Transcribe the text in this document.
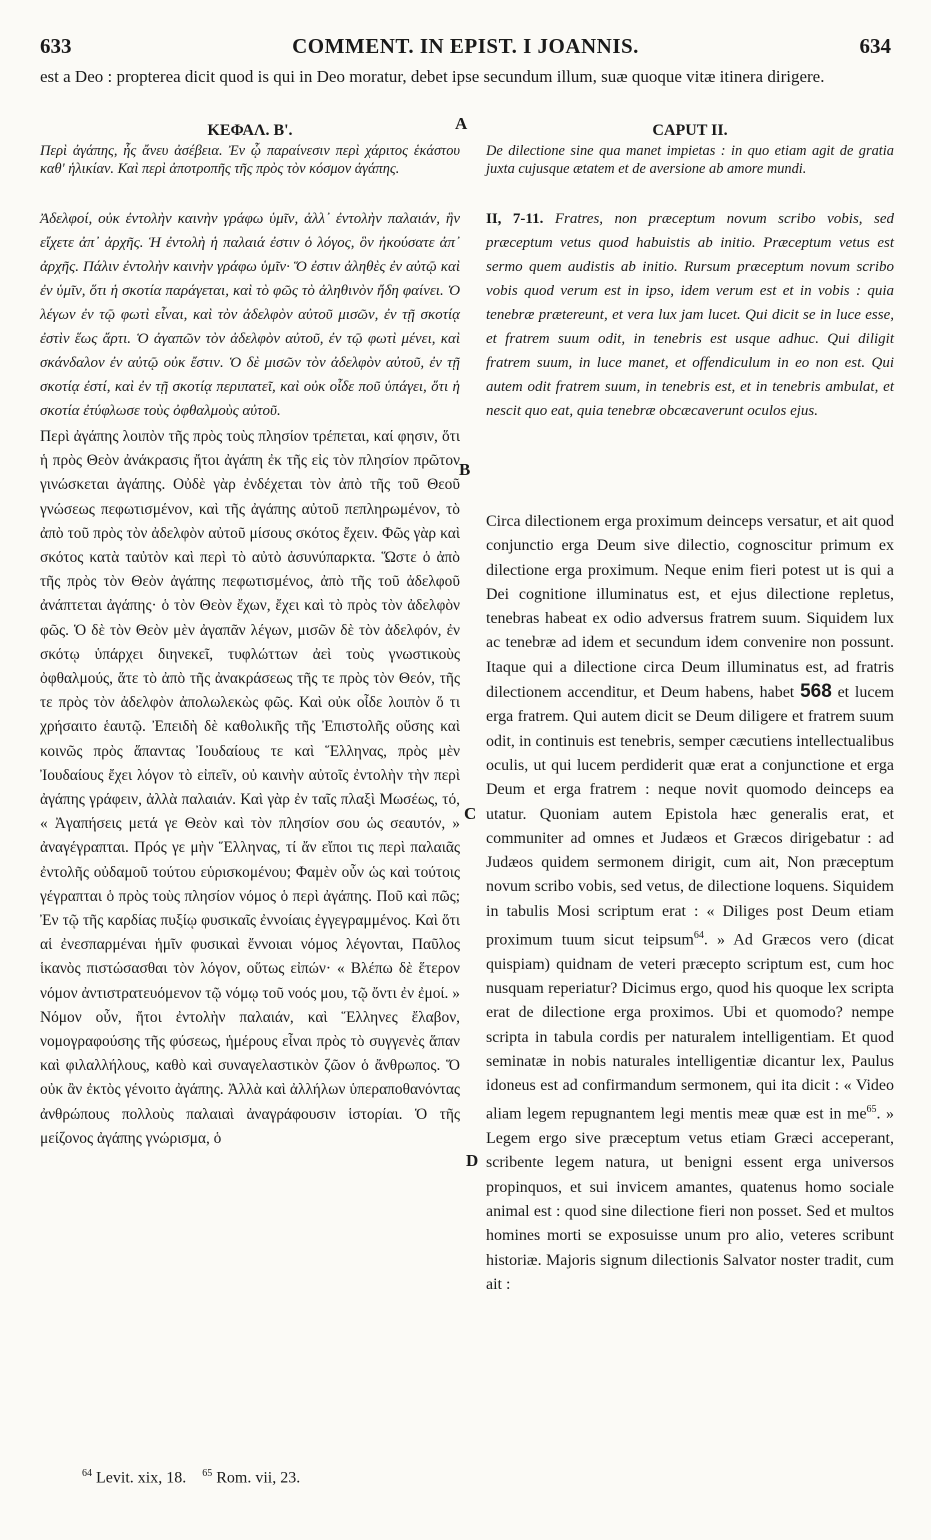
633	COMMENT. IN EPIST. I JOANNIS.	634
est a Deo : propterea dicit quod is qui in Deo moratur, debet ipse secundum illum, suæ quoque vitæ itinera dirigere.
ΚΕΦΑΛ. Β'.
Περὶ ἀγάπης, ἧς ἄνευ ἀσέβεια. Ἐν ᾧ παραίνεσιν περὶ χάριτος ἑκάστου καθ' ἡλικίαν. Καὶ περὶ ἀποτροπῆς τῆς πρὸς τὸν κόσμον ἀγάπης.
Ἀδελφοί, οὐκ ἐντολὴν καινὴν γράφω ὑμῖν, ἀλλ᾽ ἐντολὴν παλαιάν, ἣν εἴχετε ἀπ᾽ ἀρχῆς. Ἡ ἐντολὴ ἡ παλαιά ἐστιν ὁ λόγος, ὃν ἠκούσατε ἀπ᾽ ἀρχῆς. Πάλιν ἐντολὴν καινὴν γράφω ὑμῖν· Ὅ ἐστιν ἀληθὲς ἐν αὐτῷ καὶ ἐν ὑμῖν, ὅτι ἡ σκοτία παράγεται, καὶ τὸ φῶς τὸ ἀληθινὸν ἤδη φαίνει. Ὁ λέγων ἐν τῷ φωτὶ εἶναι, καὶ τὸν ἀδελφὸν αὐτοῦ μισῶν, ἐν τῇ σκοτίᾳ ἐστὶν ἕως ἄρτι. Ὁ ἀγαπῶν τὸν ἀδελφὸν αὐτοῦ, ἐν τῷ φωτὶ μένει, καὶ σκάνδαλον ἐν αὐτῷ οὐκ ἔστιν. Ὁ δὲ μισῶν τὸν ἀδελφὸν αὐτοῦ, ἐν τῇ σκοτίᾳ ἐστί, καὶ ἐν τῇ σκοτίᾳ περιπατεῖ, καὶ οὐκ οἶδε ποῦ ὑπάγει, ὅτι ἡ σκοτία ἐτύφλωσε τοὺς ὀφθαλμοὺς αὐτοῦ.
Περὶ ἀγάπης λοιπὸν τῆς πρὸς τοὺς πλησίον τρέπεται, καί φησιν, ὅτι ἡ πρὸς Θεὸν ἀνάκρασις ἤτοι ἀγάπη ἐκ τῆς εἰς τὸν πλησίον πρῶτον γινώσκεται ἀγάπης. Οὐδὲ γὰρ ἐνδέχεται τὸν ἀπὸ τῆς τοῦ Θεοῦ γνώσεως πεφωτισμένον, καὶ τῆς ἀγάπης αὐτοῦ πεπληρωμένον, τὸ ἀπὸ τοῦ πρὸς τὸν ἀδελφὸν αὐτοῦ μίσους σκότος ἔχειν. Φῶς γὰρ καὶ σκότος κατὰ ταὐτὸν καὶ περὶ τὸ αὐτὸ ἀσυνύπαρκτα. Ὥστε ὁ ἀπὸ τῆς πρὸς τὸν Θεὸν ἀγάπης πεφωτισμένος, ἀπὸ τῆς τοῦ ἀδελφοῦ ἀνάπτεται ἀγάπης· ὁ τὸν Θεὸν ἔχων, ἔχει καὶ τὸ πρὸς τὸν ἀδελφὸν φῶς. Ὁ δὲ τὸν Θεὸν μὲν ἀγαπᾶν λέγων, μισῶν δὲ τὸν ἀδελφόν, ἐν σκότῳ ὑπάρχει διηνεκεῖ, τυφλώττων ἀεὶ τοὺς γνωστικοὺς ὀφθαλμούς, ἅτε τὸ ἀπὸ τῆς ἀνακράσεως τῆς τε πρὸς τὸν Θεόν, τῆς τε πρὸς τὸν ἀδελφὸν ἀπολωλεκὼς φῶς. Καὶ οὐκ οἶδε λοιπὸν ὅ τι χρήσαιτο ἑαυτῷ. Ἐπειδὴ δὲ καθολικῆς τῆς Ἐπιστολῆς οὔσης καὶ κοινῶς πρὸς ἅπαντας Ἰουδαίους τε καὶ Ἕλληνας, πρὸς μὲν Ἰουδαίους ἔχει λόγον τὸ εἰπεῖν, οὐ καινὴν αὐτοῖς ἐντολὴν τὴν περὶ ἀγάπης γράφειν, ἀλλὰ παλαιάν. Καὶ γὰρ ἐν ταῖς πλαξὶ Μωσέως, τό, « Ἀγαπήσεις μετά γε Θεὸν καὶ τὸν πλησίον σου ὡς σεαυτόν, » ἀναγέγραπται. Πρός γε μὴν Ἕλληνας, τί ἄν εἴποι τις περὶ παλαιᾶς ἐντολῆς οὐδαμοῦ τούτου εὑρισκομένου; Φαμὲν οὖν ὡς καὶ τούτοις γέγραπται ὁ πρὸς τοὺς πλησίον νόμος ὁ περὶ ἀγάπης. Ποῦ καὶ πῶς; Ἐν τῷ τῆς καρδίας πυξίῳ φυσικαῖς ἐννοίαις ἐγγεγραμμένος. Καὶ ὅτι αἱ ἐνεσπαρμέναι ἡμῖν φυσικαὶ ἔννοιαι νόμος λέγονται, Παῦλος ἱκανὸς πιστώσασθαι τὸν λόγον, οὕτως εἰπών· « Βλέπω δὲ ἕτερον νόμον ἀντιστρατευόμενον τῷ νόμῳ τοῦ νοός μου, τῷ ὄντι ἐν ἐμοί. » Νόμον οὖν, ἤτοι ἐντολὴν παλαιάν, καὶ Ἕλληνες ἔλαβον, νομογραφούσης τῆς φύσεως, ἡμέρους εἶναι πρὸς τὸ συγγενὲς ἅπαν καὶ φιλαλλήλους, καθὸ καὶ συναγελαστικὸν ζῶον ὁ ἄνθρωπος. Ὅ οὐκ ἂν ἐκτὸς γένοιτο ἀγάπης. Ἀλλὰ καὶ ἀλλήλων ὑπεραποθανόντας ἀνθρώπους πολλοὺς παλαιαὶ ἀναγράφουσιν ἱστορίαι. Ὁ τῆς μείζονος ἀγάπης γνώρισμα, ὁ
CAPUT II.
De dilectione sine qua manet impietas : in quo etiam agit de gratia juxta cujusque ætatem et de aversione ab amore mundi.
II, 7-11. Fratres, non præceptum novum scribo vobis, sed præceptum vetus quod habuistis ab initio. Præceptum vetus est sermo quem audistis ab initio. Rursum præceptum novum scribo vobis quod verum est in ipso, idem verum est et in vobis : quia tenebræ prætereunt, et vera lux jam lucet. Qui dicit se in luce esse, et fratrem suum odit, in tenebris est usque adhuc. Qui diligit fratrem suum, in luce manet, et offendiculum in eo non est. Qui autem odit fratrem suum, in tenebris est, et in tenebris ambulat, et nescit quo eat, quia tenebræ obcæcaverunt oculos ejus.
Circa dilectionem erga proximum deinceps versatur, et ait quod conjunctio erga Deum sive dilectio, cognoscitur primum ex dilectione erga proximum. Neque enim fieri potest ut is qui a Dei cognitione illuminatus est, et ejus dilectione repletus, tenebras habeat ex odio adversus fratrem suum. Siquidem lux ac tenebræ ad idem et secundum idem convenire non possunt. Itaque qui a dilectione circa Deum illuminatus est, ad fratris dilectionem accenditur, et Deum habens, habet 568 et lucem erga fratrem. Qui autem dicit se Deum diligere et fratrem suum odit, in continuis est tenebris, semper cæcutiens intellectualibus oculis, ut qui lucem perdiderit quæ erat a conjunctione et erga Deum et erga fratrem : neque novit quomodo deinceps ea utatur. Quoniam autem Epistola hæc generalis erat, et communiter ad omnes et Judæos et Græcos dirigebatur : ad Judæos quidem sermonem dirigit, cum ait, Non præceptum novum scribo vobis, sed vetus, de dilectione loquens. Siquidem in tabulis Mosi scriptum erat : « Diliges post Deum etiam proximum tuum sicut teipsum$^{64}$. » Ad Græcos vero (dicat quispiam) quidnam de veteri præcepto scriptum est, cum hoc nusquam reperiatur? Dicimus ergo, quod his quoque lex scripta erat de dilectione erga proximos. Ubi et quomodo? nempe scripta in tabula cordis per naturalem intelligentiam. Et quod seminatæ in nobis naturales intelligentiæ dicantur lex, Paulus idoneus est ad confirmandum sermonem, qui ita dicit : « Video aliam legem repugnantem legi mentis meæ quæ est in $me^{65}$. » Legem ergo sive præceptum vetus etiam Græci acceperant, scribente legem natura, ut benigni essent erga universos propinquos, et sui invicem amantes, quatenus homo sociale animal est : quod sine dilectione fieri non posset. Sed et multos homines morti se exposuisse unum pro alio, veteres scribunt historiæ. Majoris signum dilectionis Salvator noster tradit, cum ait :
A
B
C
D
$^{64}$ Levit. xix, 18. $^{65}$ Rom. vii, 23.
